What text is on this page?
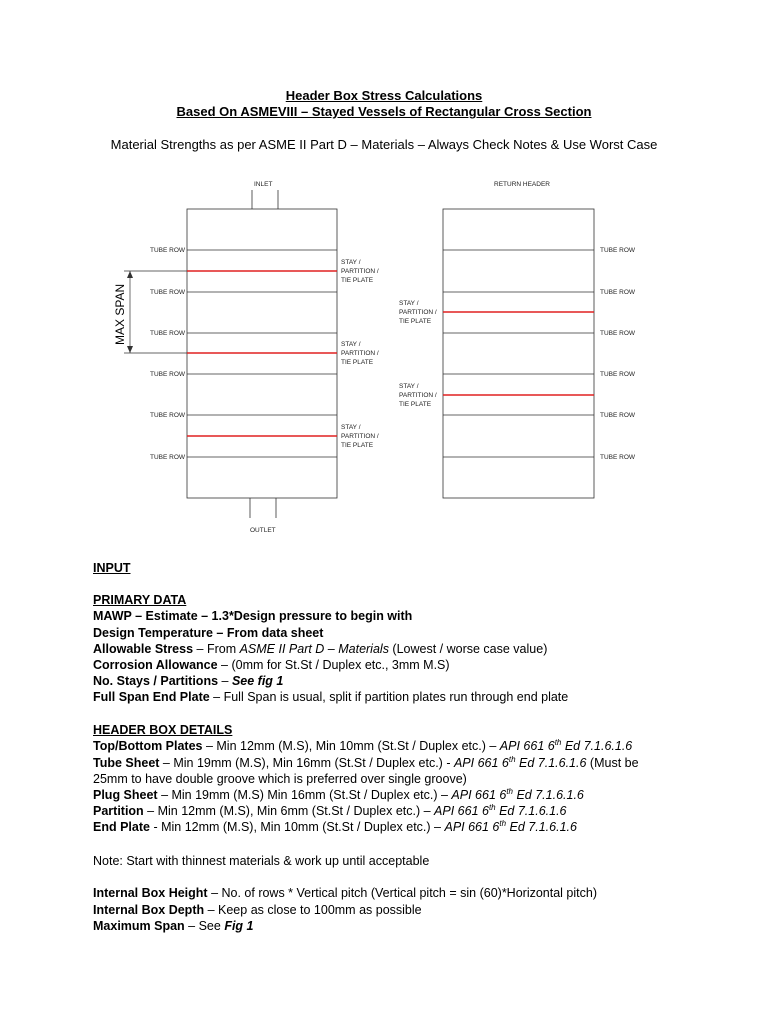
Header Box Stress Calculations
Based On ASMEVIII – Stayed Vessels of Rectangular Cross Section
Material Strengths as per ASME II Part D – Materials – Always Check Notes & Use Worst Case
INLET
OUTLET
TUBE ROW
TUBE ROW
TUBE ROW
TUBE ROW
TUBE ROW
TUBE ROW
STAY /
PARTITION /
TIE PLATE
STAY /
PARTITION /
TIE PLATE
STAY /
PARTITION /
TIE PLATE
MAX SPAN
RETURN HEADER
TUBE ROW
TUBE ROW
TUBE ROW
TUBE ROW
TUBE ROW
TUBE ROW
STAY /
PARTITION /
TIE PLATE
STAY /
PARTITION /
TIE PLATE
INPUT
PRIMARY DATA
MAWP – Estimate – 1.3*Design pressure to begin with
Design Temperature – From data sheet
Allowable Stress – From ASME II Part D – Materials (Lowest / worse case value)
Corrosion Allowance – (0mm for St.St / Duplex etc., 3mm M.S)
No. Stays / Partitions – See fig 1
Full Span End Plate – Full Span is usual, split if partition plates run through end plate
HEADER BOX DETAILS
Top/Bottom Plates – Min 12mm (M.S), Min 10mm (St.St / Duplex etc.) – API 661 6th Ed 7.1.6.1.6
Tube Sheet – Min 19mm (M.S), Min 16mm (St.St / Duplex etc.) - API 661 6th Ed 7.1.6.1.6 (Must be
25mm to have double groove which is preferred over single groove)
Plug Sheet – Min 19mm (M.S) Min 16mm (St.St / Duplex etc.) – API 661 6th Ed 7.1.6.1.6
Partition – Min 12mm (M.S), Min 6mm (St.St / Duplex etc.) – API 661 6th Ed 7.1.6.1.6
End Plate - Min 12mm (M.S), Min 10mm (St.St / Duplex etc.) – API 661 6th Ed 7.1.6.1.6
Note: Start with thinnest materials & work up until acceptable
Internal Box Height – No. of rows * Vertical pitch (Vertical pitch = sin (60)*Horizontal pitch)
Internal Box Depth – Keep as close to 100mm as possible
Maximum Span – See Fig 1
